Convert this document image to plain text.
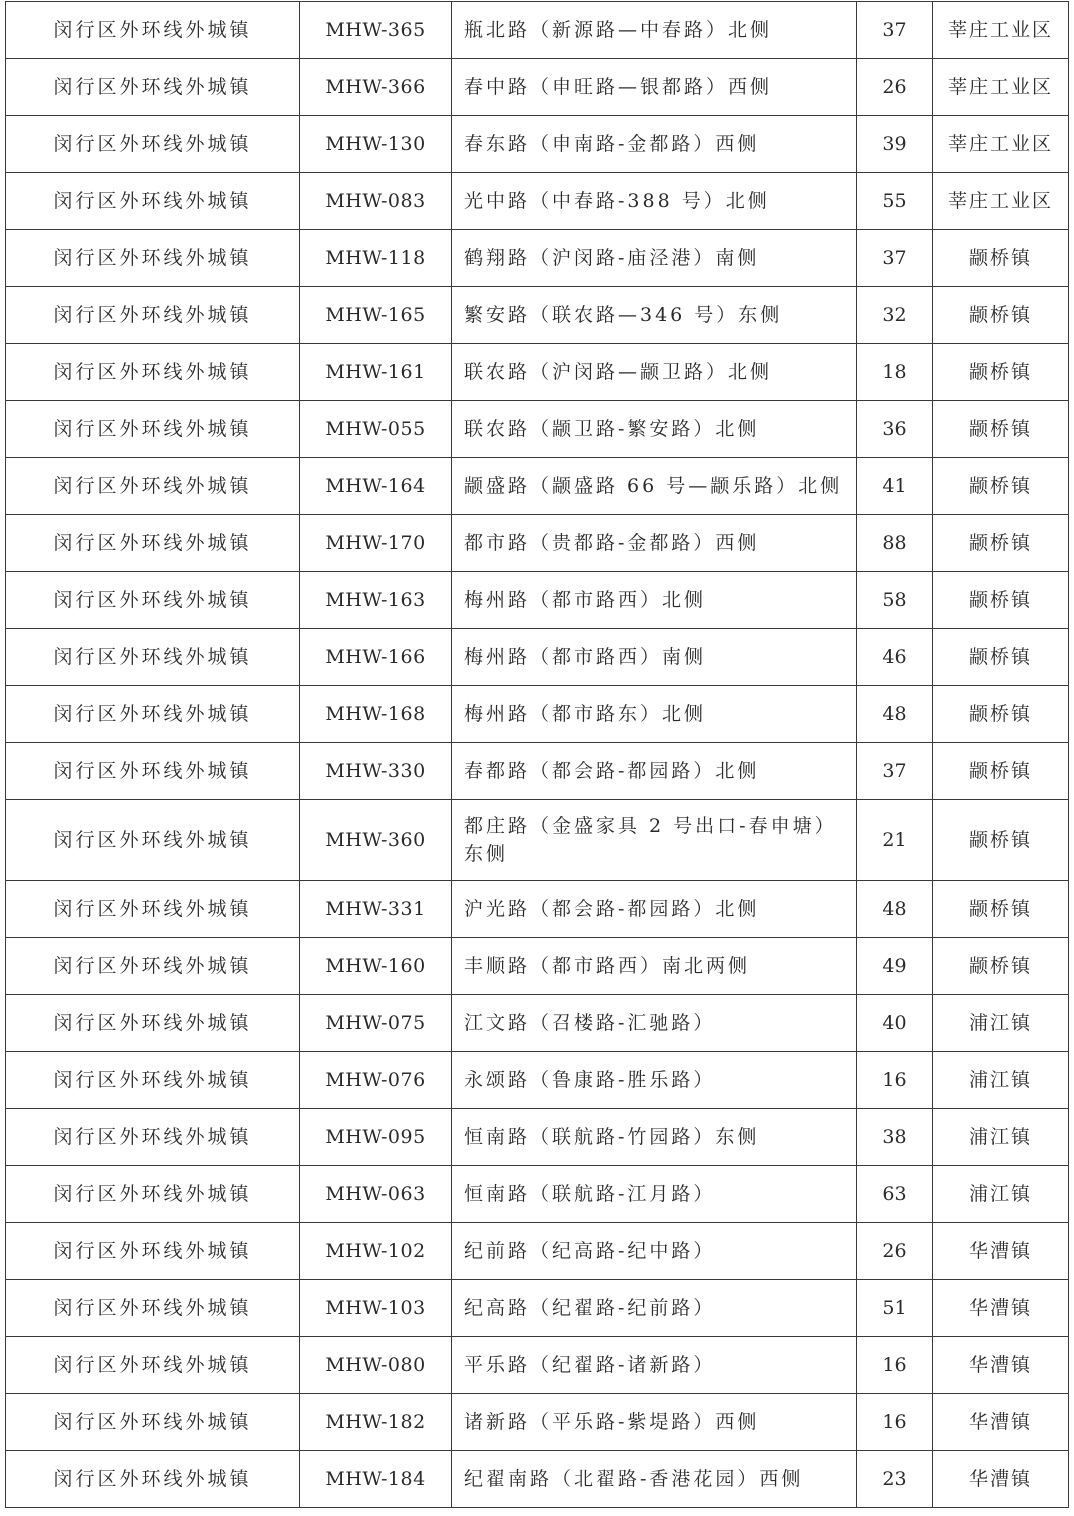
闵行区外环线外城镇	MHW-365	瓶北路（新源路—中春路）北侧	37	莘庄工业区
闵行区外环线外城镇	MHW-366	春中路（申旺路—银都路）西侧	26	莘庄工业区
闵行区外环线外城镇	MHW-130	春东路（申南路-金都路）西侧	39	莘庄工业区
闵行区外环线外城镇	MHW-083	光中路（中春路-388 号）北侧	55	莘庄工业区
闵行区外环线外城镇	MHW-118	鹤翔路（沪闵路-庙泾港）南侧	37	颛桥镇
闵行区外环线外城镇	MHW-165	繁安路（联农路—346 号）东侧	32	颛桥镇
闵行区外环线外城镇	MHW-161	联农路（沪闵路—颛卫路）北侧	18	颛桥镇
闵行区外环线外城镇	MHW-055	联农路（颛卫路-繁安路）北侧	36	颛桥镇
闵行区外环线外城镇	MHW-164	颛盛路（颛盛路 66 号—颛乐路）北侧	41	颛桥镇
闵行区外环线外城镇	MHW-170	都市路（贵都路-金都路）西侧	88	颛桥镇
闵行区外环线外城镇	MHW-163	梅州路（都市路西）北侧	58	颛桥镇
闵行区外环线外城镇	MHW-166	梅州路（都市路西）南侧	46	颛桥镇
闵行区外环线外城镇	MHW-168	梅州路（都市路东）北侧	48	颛桥镇
闵行区外环线外城镇	MHW-330	春都路（都会路-都园路）北侧	37	颛桥镇
闵行区外环线外城镇	MHW-360	都庄路（金盛家具 2 号出口-春申塘）东侧	21	颛桥镇
闵行区外环线外城镇	MHW-331	沪光路（都会路-都园路）北侧	48	颛桥镇
闵行区外环线外城镇	MHW-160	丰顺路（都市路西）南北两侧	49	颛桥镇
闵行区外环线外城镇	MHW-075	江文路（召楼路-汇驰路）	40	浦江镇
闵行区外环线外城镇	MHW-076	永颂路（鲁康路-胜乐路）	16	浦江镇
闵行区外环线外城镇	MHW-095	恒南路（联航路-竹园路）东侧	38	浦江镇
闵行区外环线外城镇	MHW-063	恒南路（联航路-江月路）	63	浦江镇
闵行区外环线外城镇	MHW-102	纪前路（纪高路-纪中路）	26	华漕镇
闵行区外环线外城镇	MHW-103	纪高路（纪翟路-纪前路）	51	华漕镇
闵行区外环线外城镇	MHW-080	平乐路（纪翟路-诸新路）	16	华漕镇
闵行区外环线外城镇	MHW-182	诸新路（平乐路-紫堤路）西侧	16	华漕镇
闵行区外环线外城镇	MHW-184	纪翟南路（北翟路-香港花园）西侧	23	华漕镇
